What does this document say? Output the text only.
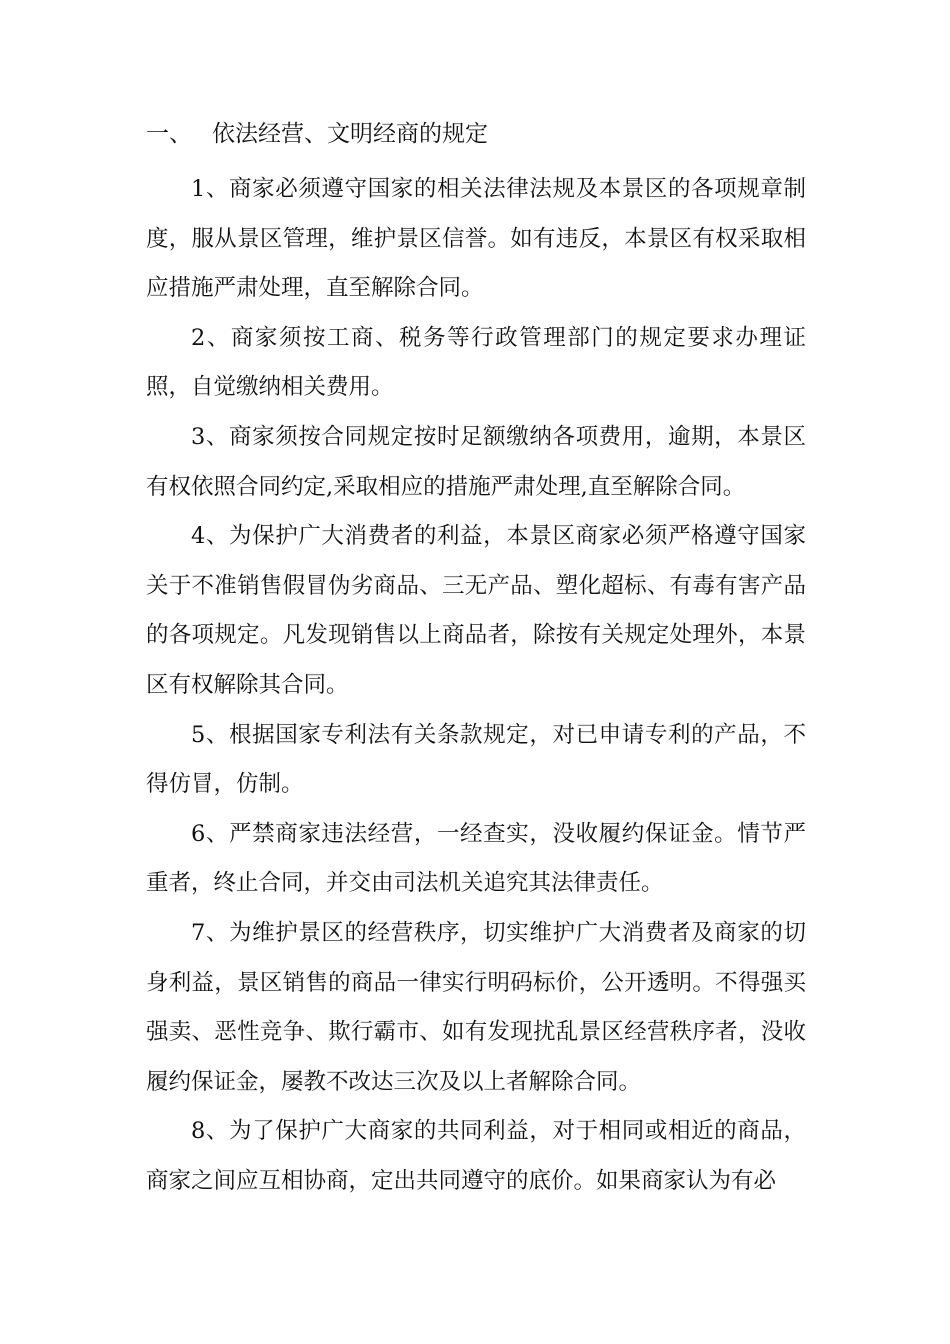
一、 依法经营、文明经商的规定

1、商家必须遵守国家的相关法律法规及本景区的各项规章制度，服从景区管理，维护景区信誉。如有违反，本景区有权采取相应措施严肃处理，直至解除合同。

2、商家须按工商、税务等行政管理部门的规定要求办理证照，自觉缴纳相关费用。

3、商家须按合同规定按时足额缴纳各项费用，逾期，本景区有权依照合同约定,采取相应的措施严肃处理,直至解除合同。

4、为保护广大消费者的利益，本景区商家必须严格遵守国家关于不准销售假冒伪劣商品、三无产品、塑化超标、有毒有害产品的各项规定。凡发现销售以上商品者，除按有关规定处理外，本景区有权解除其合同。

5、根据国家专利法有关条款规定，对已申请专利的产品，不得仿冒，仿制。

6、严禁商家违法经营，一经查实，没收履约保证金。情节严重者，终止合同，并交由司法机关追究其法律责任。

7、为维护景区的经营秩序，切实维护广大消费者及商家的切身利益，景区销售的商品一律实行明码标价，公开透明。不得强买强卖、恶性竞争、欺行霸市、如有发现扰乱景区经营秩序者，没收履约保证金，屡教不改达三次及以上者解除合同。

8、为了保护广大商家的共同利益，对于相同或相近的商品，商家之间应互相协商，定出共同遵守的底价。如果商家认为有必
